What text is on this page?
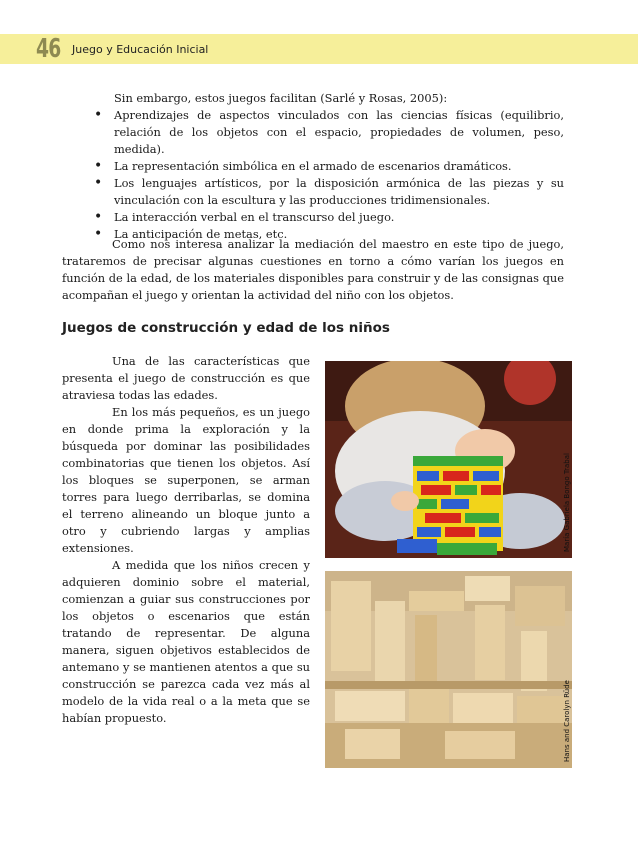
46 Juego y Educación Inicial

Sin embargo, estos juegos facilitan (Sarlé y Rosas, 2005):

• Aprendizajes de aspectos vinculados con las ciencias físicas (equilibrio, relación de los objetos con el espacio, propiedades de volumen, peso, medida).
• La representación simbólica en el armado de escenarios dramáticos.
• Los lenguajes artísticos, por la disposición armónica de las piezas y su vinculación con la escultura y las producciones tridimensionales.
• La interacción verbal en el transcurso del juego.
• La anticipación de metas, etc.

Como nos interesa analizar la mediación del maestro en este tipo de juego, trataremos de precisar algunas cuestiones en torno a cómo varían los juegos en función de la edad, de los materiales disponibles para construir y de las consignas que acompañan el juego y orientan la actividad del niño con los objetos.

Juegos de construcción y edad de los niños

Una de las características que presenta el juego de construcción es que atraviesa todas las edades.

En los más pequeños, es un juego en donde prima la exploración y la búsqueda por dominar las posibilidades combinatorias que tienen los objetos. Así los bloques se superponen, se arman torres para luego derribarlas, se domina el terreno alineando un bloque junto a otro y cubriendo largas y amplias extensiones.

A medida que los niños crecen y adquieren dominio sobre el material, comienzan a guiar sus construcciones por los objetos o escenarios que están tratando de representar. De alguna manera, siguen objetivos establecidos de antemano y se mantienen atentos a que su construcción se parezca cada vez más al modelo de la vida real o a la meta que se habían propuesto.

María Gabriela Bongo Trabal
Hans and Carolyn Rüde
